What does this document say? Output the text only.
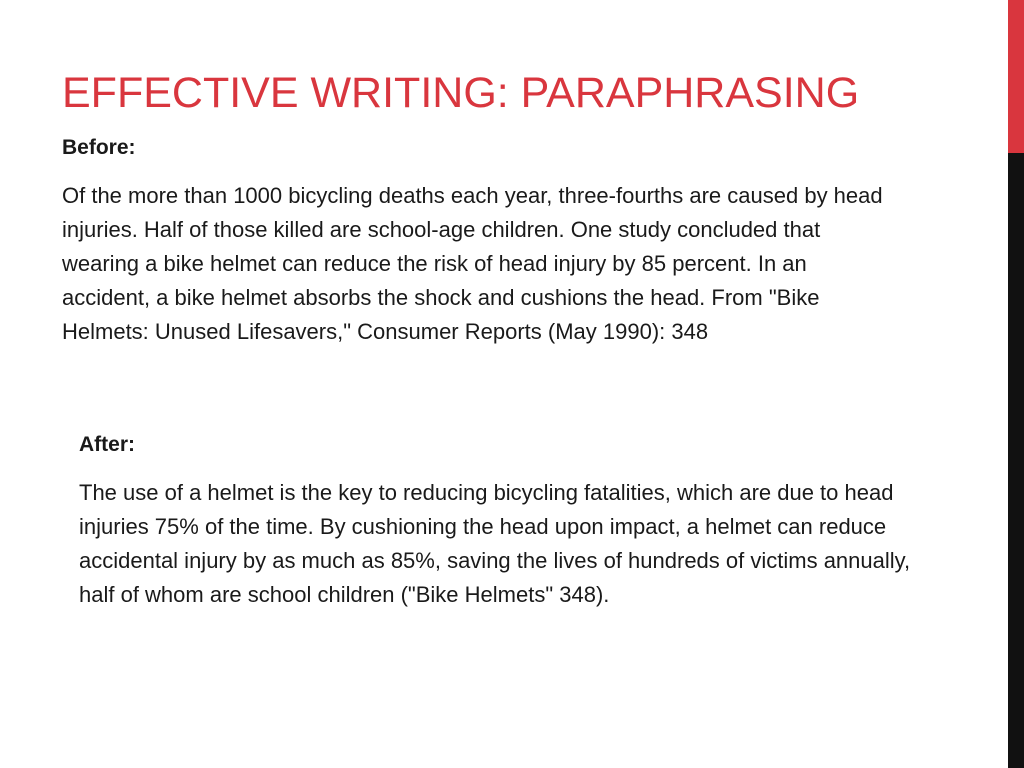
EFFECTIVE WRITING: PARAPHRASING

Before:

Of the more than 1000 bicycling deaths each year, three-fourths are caused by head injuries. Half of those killed are school-age children. One study concluded that wearing a bike helmet can reduce the risk of head injury by 85 percent. In an accident, a bike helmet absorbs the shock and cushions the head. From "Bike Helmets: Unused Lifesavers," Consumer Reports (May 1990): 348

After:

The use of a helmet is the key to reducing bicycling fatalities, which are due to head injuries 75% of the time. By cushioning the head upon impact, a helmet can reduce accidental injury by as much as 85%, saving the lives of hundreds of victims annually, half of whom are school children ("Bike Helmets" 348).
